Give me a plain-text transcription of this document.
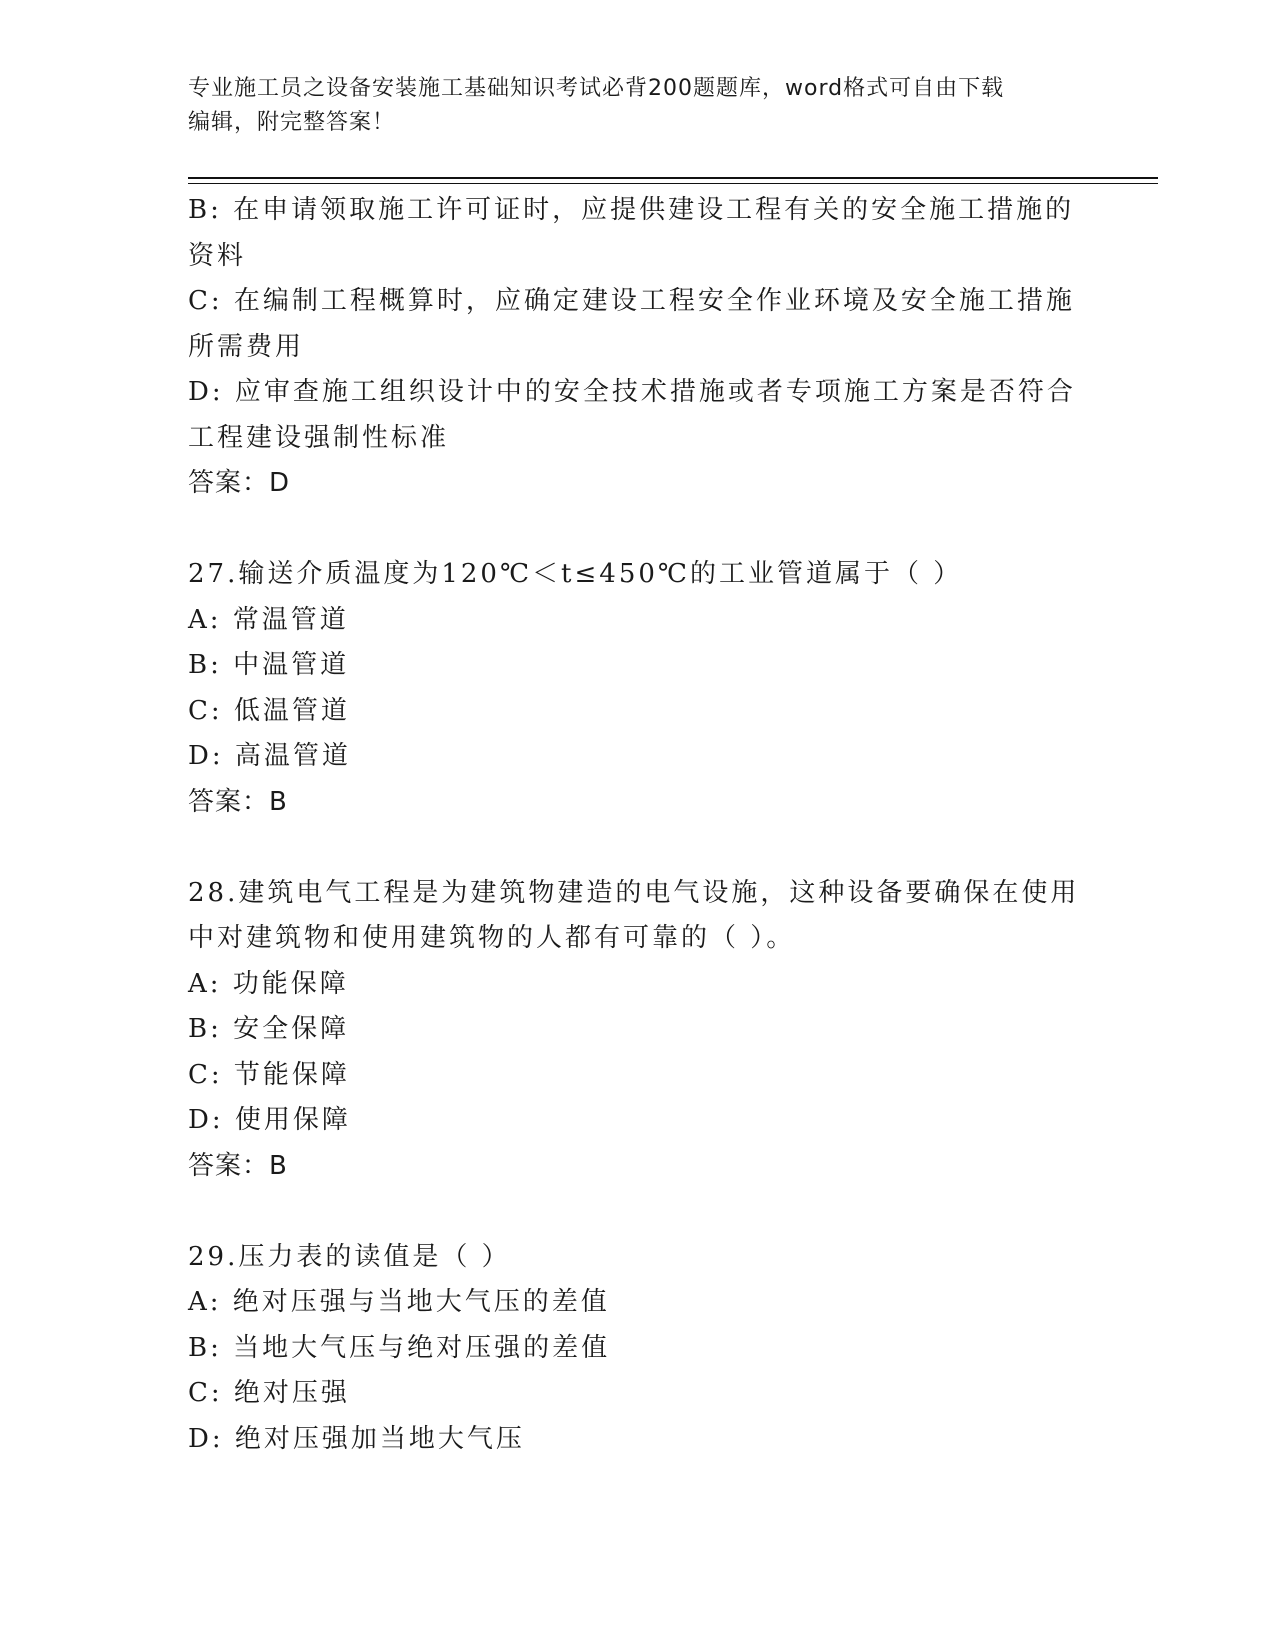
专业施工员之设备安装施工基础知识考试必背200题题库，word格式可自由下载
编辑，附完整答案！

B: 在申请领取施工许可证时，应提供建设工程有关的安全施工措施的

资料

C: 在编制工程概算时，应确定建设工程安全作业环境及安全施工措施

所需费用

D: 应审查施工组织设计中的安全技术措施或者专项施工方案是否符合

工程建设强制性标准

答案：D

27.输送介质温度为120℃＜t≤450℃的工业管道属于（ ）

A: 常温管道

B: 中温管道

C: 低温管道

D: 高温管道

答案：B

28.建筑电气工程是为建筑物建造的电气设施，这种设备要确保在使用

中对建筑物和使用建筑物的人都有可靠的（ ）。

A: 功能保障

B: 安全保障

C: 节能保障

D: 使用保障

答案：B

29.压力表的读值是（ ）

A: 绝对压强与当地大气压的差值

B: 当地大气压与绝对压强的差值

C: 绝对压强

D: 绝对压强加当地大气压
